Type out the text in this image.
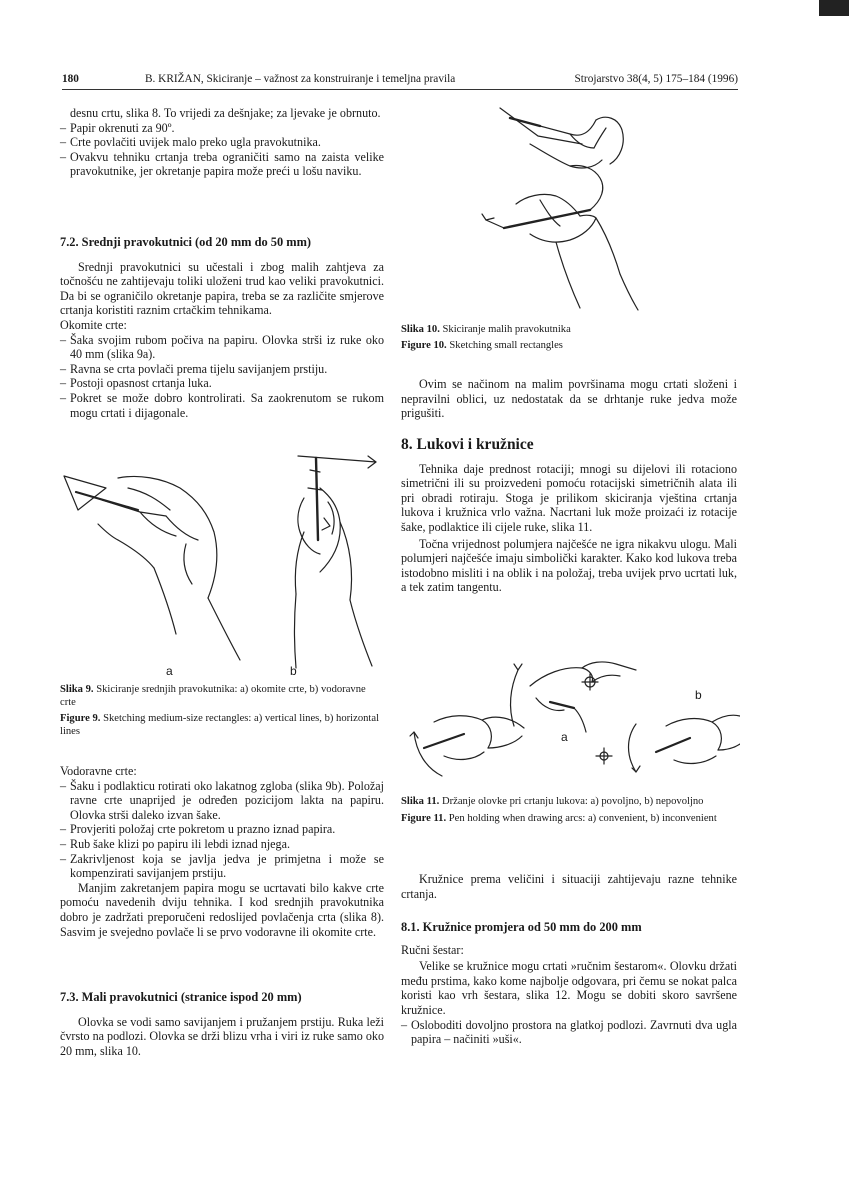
180	B. KRIŽAN, Skiciranje – važnost za konstruiranje i temeljna pravila	Strojarstvo 38(4, 5) 175–184 (1996)

desnu crtu, slika 8. To vrijedi za dešnjake; za ljevake je obrnuto.

– Papir okrenuti za 90º.
– Crte povlačiti uvijek malo preko ugla pravokutnika.
– Ovakvu tehniku crtanja treba ograničiti samo na zaista velike pravokutnike, jer okretanje papira može preći u lošu naviku.

7.2. Srednji pravokutnici (od 20 mm do 50 mm)

Srednji pravokutnici su učestali i zbog malih zahtjeva za točnošću ne zahtijevaju toliki uloženi trud kao veliki pravokutnici. Da bi se ograničilo okretanje papira, treba se za različite smjerove crtanja koristiti raznim crtačkim tehnikama.

Okomite crte:

– Šaka svojim rubom počiva na papiru. Olovka strši iz ruke oko 40 mm (slika 9a).
– Ravna se crta povlači prema tijelu savijanjem prstiju.
– Postoji opasnost crtanja luka.
– Pokret se može dobro kontrolirati. Sa zaokrenutom se rukom mogu crtati i dijagonale.
a	b

Slika 9. Skiciranje srednjih pravokutnika: a) okomite crte, b) vodoravne crte

Figure 9. Sketching medium-size rectangles: a) vertical lines, b) horizontal lines

Vodoravne crte:

– Šaku i podlakticu rotirati oko lakatnog zgloba (slika 9b). Položaj ravne crte unaprijed je određen pozicijom lakta na papiru. Olovka strši daleko izvan šake.
– Provjeriti položaj crte pokretom u prazno iznad papira.
– Rub šake klizi po papiru ili lebdi iznad njega.
– Zakrivljenost koja se javlja jedva je primjetna i može se kompenzirati savijanjem prstiju.

Manjim zakretanjem papira mogu se ucrtavati bilo kakve crte pomoću navedenih dviju tehnika. I kod srednjih pravokutnika dobro je zadržati preporučeni redoslijed povlačenja crta (slika 8). Sasvim je svejedno povlače li se prvo vodoravne ili okomite crte.

7.3. Mali pravokutnici (stranice ispod 20 mm)

Olovka se vodi samo savijanjem i pružanjem prstiju. Ruka leži čvrsto na podlozi. Olovka se drži blizu vrha i viri iz ruke samo oko 20 mm, slika 10.

Slika 10. Skiciranje malih pravokutnika

Figure 10. Sketching small rectangles

Ovim se načinom na malim površinama mogu crtati složeni i nepravilni oblici, uz nedostatak da se drhtanje ruke jedva može prigušiti.

8. Lukovi i kružnice

Tehnika daje prednost rotaciji; mnogi su dijelovi ili rotaciono simetrični ili su proizvedeni pomoću rotacijski simetričnih alata ili pri obradi rotiraju. Stoga je prilikom skiciranja vještina crtanja lukova i kružnica vrlo važna. Nacrtani luk može proizaći iz rotacije šake, podlaktice ili cijele ruke, slika 11.

Točna vrijednost polumjera najčešće ne igra nikakvu ulogu. Mali polumjeri najčešće imaju simbolički karakter. Kako kod lukova treba istodobno misliti i na oblik i na položaj, treba uvijek prvo ucrtati luk, a tek zatim tangentu.

a
b

Slika 11. Držanje olovke pri crtanju lukova: a) povoljno, b) nepovoljno

Figure 11. Pen holding when drawing arcs: a) convenient, b) inconvenient

Kružnice prema veličini i situaciji zahtijevaju razne tehnike crtanja.

8.1. Kružnice promjera od 50 mm do 200 mm

Ručni šestar:

Velike se kružnice mogu crtati »ručnim šestarom«. Olovku držati među prstima, kako kome najbolje odgovara, pri čemu se nokat palca koristi kao vrh šestara, slika 12. Mogu se dobiti skoro savršene kružnice.

– Osloboditi dovoljno prostora na glatkoj podlozi. Zavrnuti dva ugla papira – načiniti »uši«.
